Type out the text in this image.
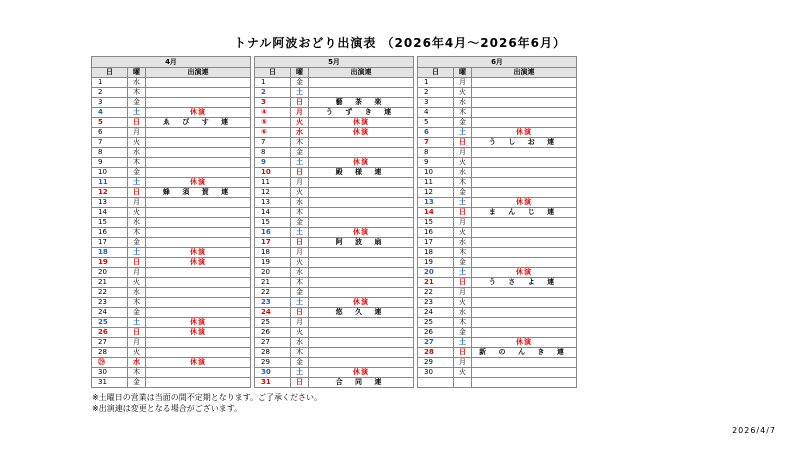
トナル阿波おどり出演表 （2026年4月～2026年6月）
4月				5月				6月		
日	曜	出演連		日	曜	出演連		日	曜	出演連
1	水			1	金			1	月	
2	木			2	土			2	火	
3	金			3	日	藝 茶 楽		3	水	
4	土	休演		④	月	う ず き 連		4	木	
5	日	ゑ び す 連		⑤	火	休演		5	金	
6	月			⑥	水	休演		6	土	休演
7	火			7	木			7	日	う し お 連
8	水			8	金			8	月	
9	木			9	土	休演		9	火	
10	金			10	日	殿 様 連		10	水	
11	土	休演		11	月			11	木	
12	日	蜂 須 賀 連		12	火			12	金	
13	月			13	水			13	土	休演
14	火			14	木			14	日	ま ん じ 連
15	水			15	金			15	月	
16	木			16	土	休演		16	火	
17	金			17	日	阿 波 扇		17	水	
18	土	休演		18	月			18	木	
19	日	休演		19	火			19	金	
20	月			20	水			20	土	休演
21	火			21	木			21	日	う さ よ 連
22	水			22	金			22	月	
23	木			23	土	休演		23	火	
24	金			24	日	悠 久 連		24	水	
25	土	休演		25	月			25	木	
26	日	休演		26	火			26	金	
27	月			27	水			27	土	休演
28	火			28	木			28	日	新 の ん き 連
㉙	水	休演		29	金			29	月	
30	木			30	土	休演		30	火	
31	金			31	日	合 同 連				
※土曜日の営業は当面の間不定期となります。ご了承ください。
※出演連は変更となる場合がございます。
2026/4/7
